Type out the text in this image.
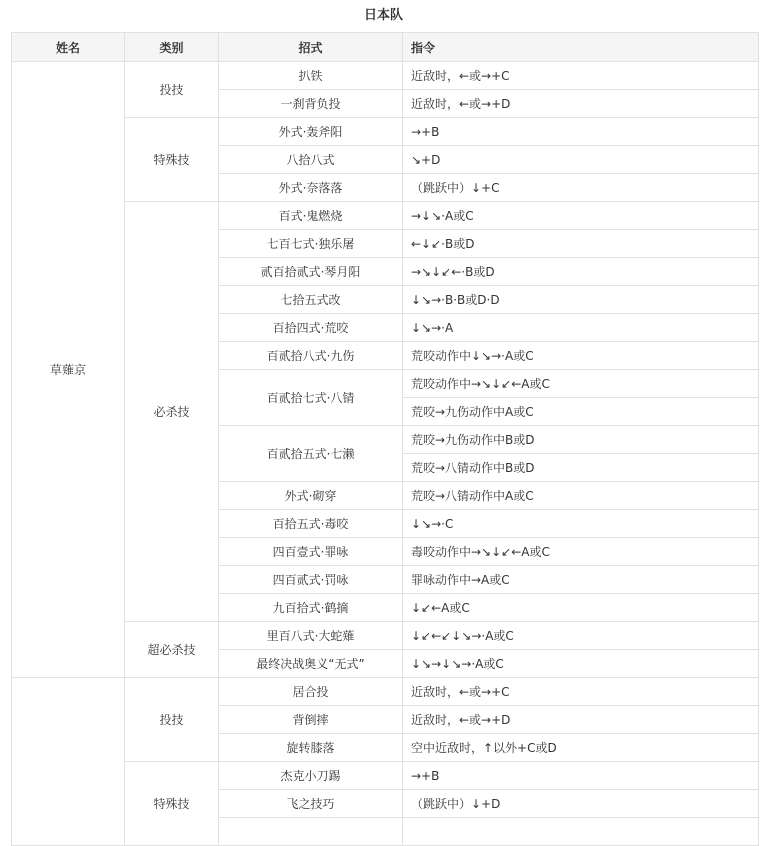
日本队
姓名	类别	招式	指令
草薙京	投技	扒铁	近敌时，←或→+C
		一刹背负投	近敌时，←或→+D
	特殊技	外式·轰斧阳	→+B
		八拾八式	↘+D
		外式·奈落落	（跳跃中）↓+C
	必杀技	百式·鬼燃烧	→↓↘·A或C
		七百七式·独乐屠	←↓↙·B或D
		贰百拾贰式·琴月阳	→↘↓↙←·B或D
		七拾五式改	↓↘→·B·B或D·D
		百拾四式·荒咬	↓↘→·A
		百贰拾八式·九伤	荒咬动作中↓↘→·A或C
		百贰拾七式·八锖	荒咬动作中→↘↓↙←A或C
			荒咬→九伤动作中A或C
		百贰拾五式·七濑	荒咬→九伤动作中B或D
			荒咬→八锖动作中B或D
		外式·砌穿	荒咬→八锖动作中A或C
		百拾五式·毒咬	↓↘→·C
		四百壹式·罪咏	毒咬动作中→↘↓↙←A或C
		四百贰式·罚咏	罪咏动作中→A或C
		九百拾式·鹤摘	↓↙←A或C
	超必杀技	里百八式·大蛇薙	↓↙←↙↓↘→·A或C
		最终决战奥义“无式”	↓↘→↓↘→·A或C
	投技	居合投	近敌时，←或→+C
		背倒摔	近敌时，←或→+D
		旋转膝落	空中近敌时，↑以外+C或D
	特殊技	杰克小刀踢	→+B
		飞之技巧	（跳跃中）↓+D
